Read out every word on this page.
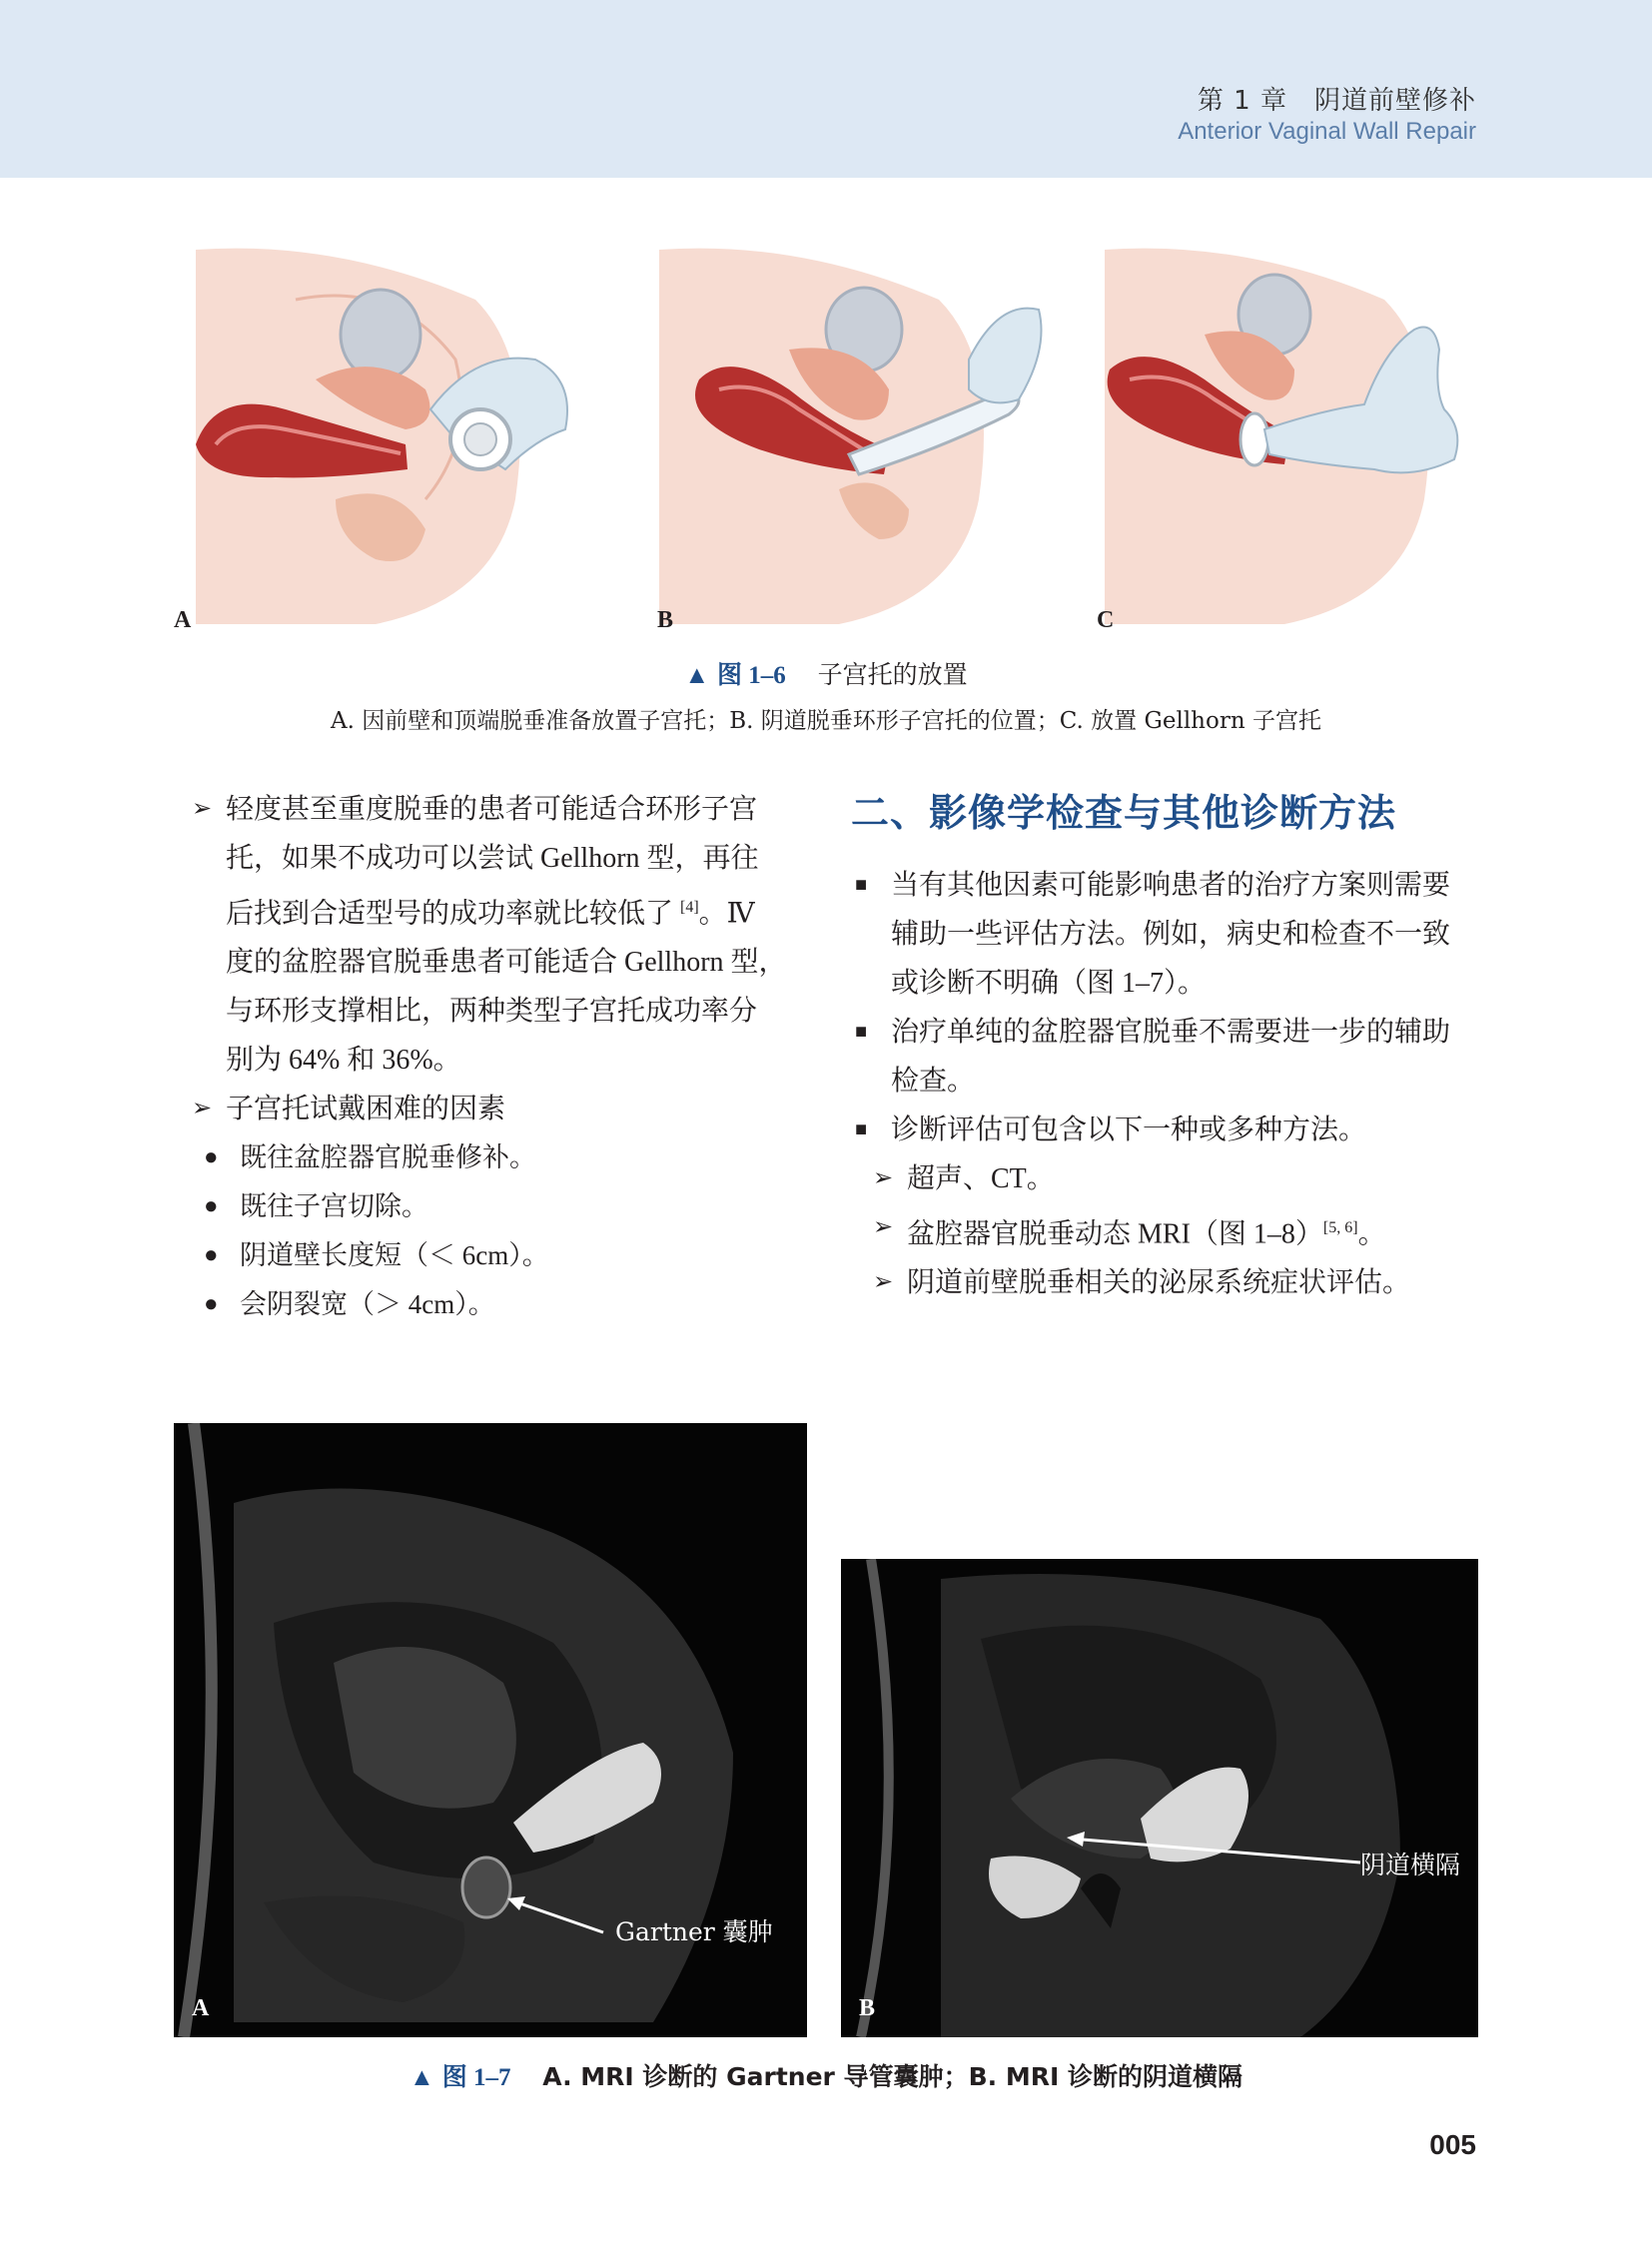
第 1 章　阴道前壁修补
Anterior Vaginal Wall Repair
A	B	C
▲ 图 1–6 子宫托的放置
A. 因前壁和顶端脱垂准备放置子宫托；B. 阴道脱垂环形子宫托的位置；C. 放置 Gellhorn 子宫托
➢ 轻度甚至重度脱垂的患者可能适合环形子宫
托，如果不成功可以尝试 Gellhorn 型，再往
后找到合适型号的成功率就比较低了 [4]。Ⅳ
度的盆腔器官脱垂患者可能适合 Gellhorn 型，
与环形支撑相比，两种类型子宫托成功率分
别为 64% 和 36%。
➢ 子宫托试戴困难的因素
● 既往盆腔器官脱垂修补。
● 既往子宫切除。
● 阴道壁长度短（＜ 6cm）。
● 会阴裂宽（＞ 4cm）。
二、影像学检查与其他诊断方法
■ 当有其他因素可能影响患者的治疗方案则需要
辅助一些评估方法。例如，病史和检查不一致
或诊断不明确（图 1–7）。
■ 治疗单纯的盆腔器官脱垂不需要进一步的辅助
检查。
■ 诊断评估可包含以下一种或多种方法。
➢ 超声、CT。
➢ 盆腔器官脱垂动态 MRI（图 1–8）[5, 6]。
➢ 阴道前壁脱垂相关的泌尿系统症状评估。
A
Gartner 囊肿
B
阴道横隔
▲ 图 1–7 A. MRI 诊断的 Gartner 导管囊肿；B. MRI 诊断的阴道横隔
005
